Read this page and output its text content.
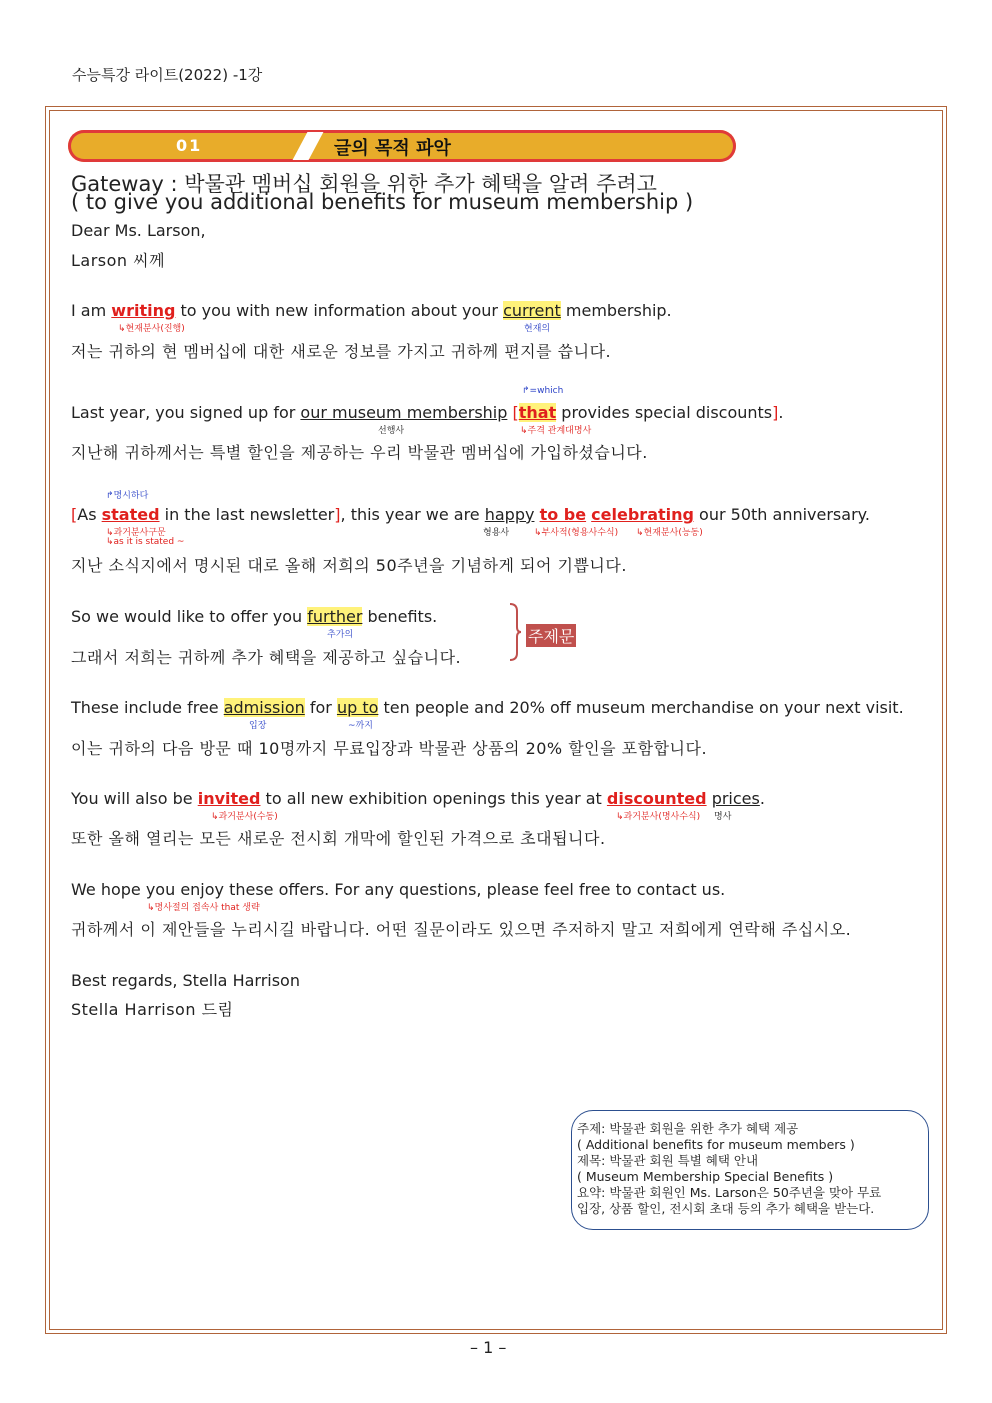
수능특강 라이트(2022) -1강
01	글의 목적 파악
Gateway : 박물관 멤버십 회원을 위한 추가 혜택을 알려 주려고
( to give you additional benefits for museum membership )
Dear Ms. Larson,
Larson 씨께
I am writing to you with new information about your current membership.
↳현재분사(진행)	현재의
저는 귀하의 현 멤버십에 대한 새로운 정보를 가지고 귀하께 편지를 씁니다.
↱=which
Last year, you signed up for our museum membership [that provides special discounts].
선행사	↳주격 관계대명사
지난해 귀하께서는 특별 할인을 제공하는 우리 박물관 멤버십에 가입하셨습니다.
↱명시하다
[As stated in the last newsletter], this year we are happy to be celebrating our 50th anniversary.
↳과거분사구문
↳as it is stated ~
형용사	↳부사적(형용사수식) ↳현재분사(능동)
지난 소식지에서 명시된 대로 올해 저희의 50주년을 기념하게 되어 기쁩니다.
So we would like to offer you further benefits.
추가의
그래서 저희는 귀하께 추가 혜택을 제공하고 싶습니다.
주제문
These include free admission for up to ten people and 20% off museum merchandise on your next visit.
입장	~까지
이는 귀하의 다음 방문 때 10명까지 무료입장과 박물관 상품의 20% 할인을 포함합니다.
You will also be invited to all new exhibition openings this year at discounted prices.
↳과거분사(수동)	↳과거분사(명사수식) 명사
또한 올해 열리는 모든 새로운 전시회 개막에 할인된 가격으로 초대됩니다.
We hope you enjoy these offers. For any questions, please feel free to contact us.
↳명사절의 접속사 that 생략
귀하께서 이 제안들을 누리시길 바랍니다. 어떤 질문이라도 있으면 주저하지 말고 저희에게 연락해 주십시오.
Best regards, Stella Harrison
Stella Harrison 드림
주제: 박물관 회원을 위한 추가 혜택 제공
( Additional benefits for museum members )
제목: 박물관 회원 특별 혜택 안내
( Museum Membership Special Benefits )
요약: 박물관 회원인 Ms. Larson은 50주년을 맞아 무료
입장, 상품 할인, 전시회 초대 등의 추가 혜택을 받는다.
– 1 –
